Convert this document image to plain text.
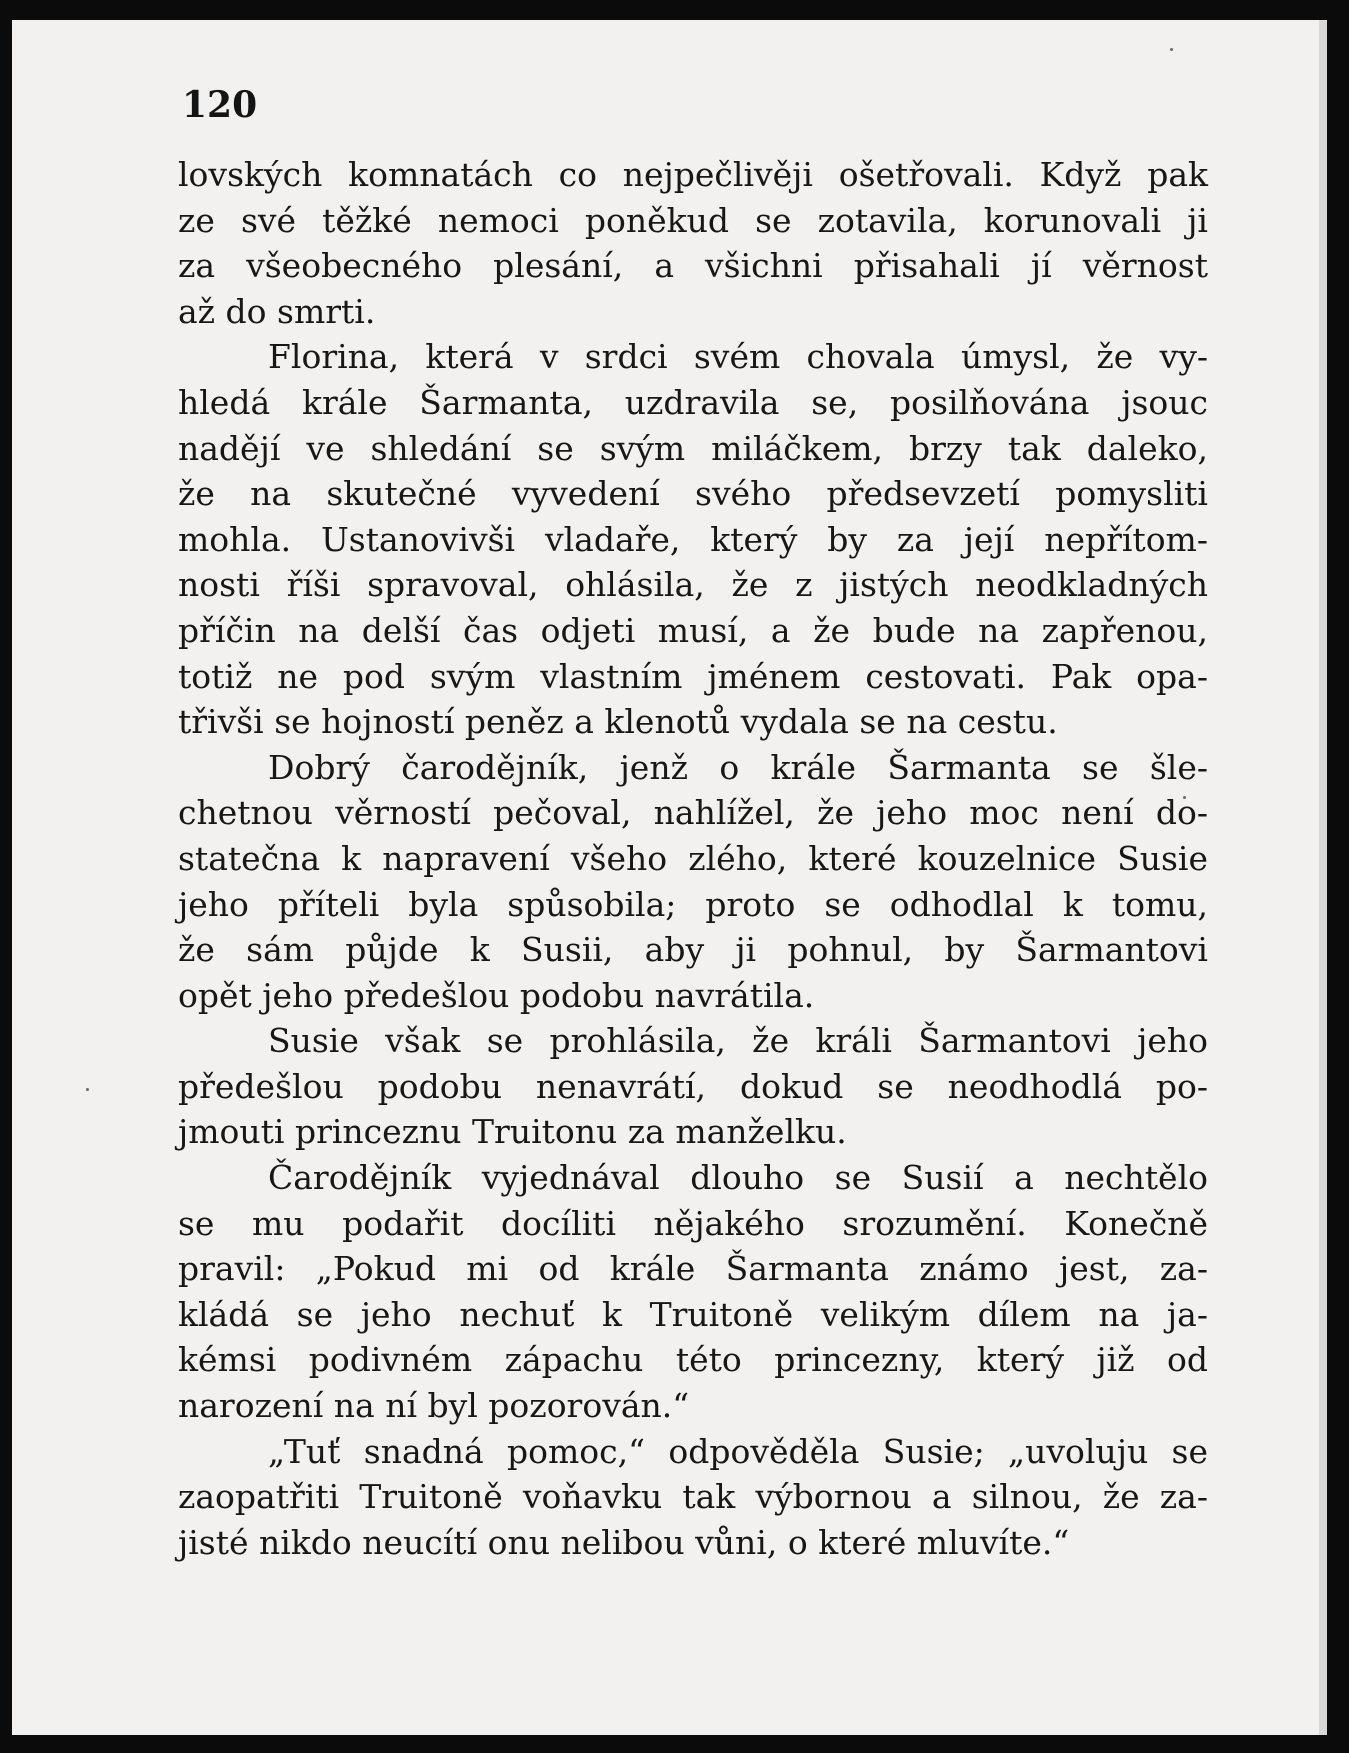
120
lovských komnatách co nejpečlivěji ošetřovali. Když pak
ze své těžké nemoci poněkud se zotavila, korunovali ji
za všeobecného plesání, a všichni přisahali jí věrnost
až do smrti.
Florina, která v srdci svém chovala úmysl, že vy-
hledá krále Šarmanta, uzdravila se, posilňována jsouc
nadějí ve shledání se svým miláčkem, brzy tak daleko,
že na skutečné vyvedení svého předsevzetí pomysliti
mohla. Ustanovivši vladaře, který by za její nepřítom-
nosti říši spravoval, ohlásila, že z jistých neodkladných
příčin na delší čas odjeti musí, a že bude na zapřenou,
totiž ne pod svým vlastním jménem cestovati. Pak opa-
třivši se hojností peněz a klenotů vydala se na cestu.
Dobrý čarodějník, jenž o krále Šarmanta se šle-
chetnou věrností pečoval, nahlížel, že jeho moc není do-
statečna k napravení všeho zlého, které kouzelnice Susie
jeho příteli byla spůsobila; proto se odhodlal k tomu,
že sám půjde k Susii, aby ji pohnul, by Šarmantovi
opět jeho předešlou podobu navrátila.
Susie však se prohlásila, že králi Šarmantovi jeho
předešlou podobu nenavrátí, dokud se neodhodlá po-
jmouti princeznu Truitonu za manželku.
Čarodějník vyjednával dlouho se Susií a nechtělo
se mu podařit docíliti nějakého srozumění. Konečně
pravil: „Pokud mi od krále Šarmanta známo jest, za-
kládá se jeho nechuť k Truitoně velikým dílem na ja-
kémsi podivném zápachu této princezny, který již od
narození na ní byl pozorován.“
„Tuť snadná pomoc,“ odpověděla Susie; „uvoluju se
zaopatřiti Truitoně voňavku tak výbornou a silnou, že za-
jisté nikdo neucítí onu nelibou vůni, o které mluvíte.“
